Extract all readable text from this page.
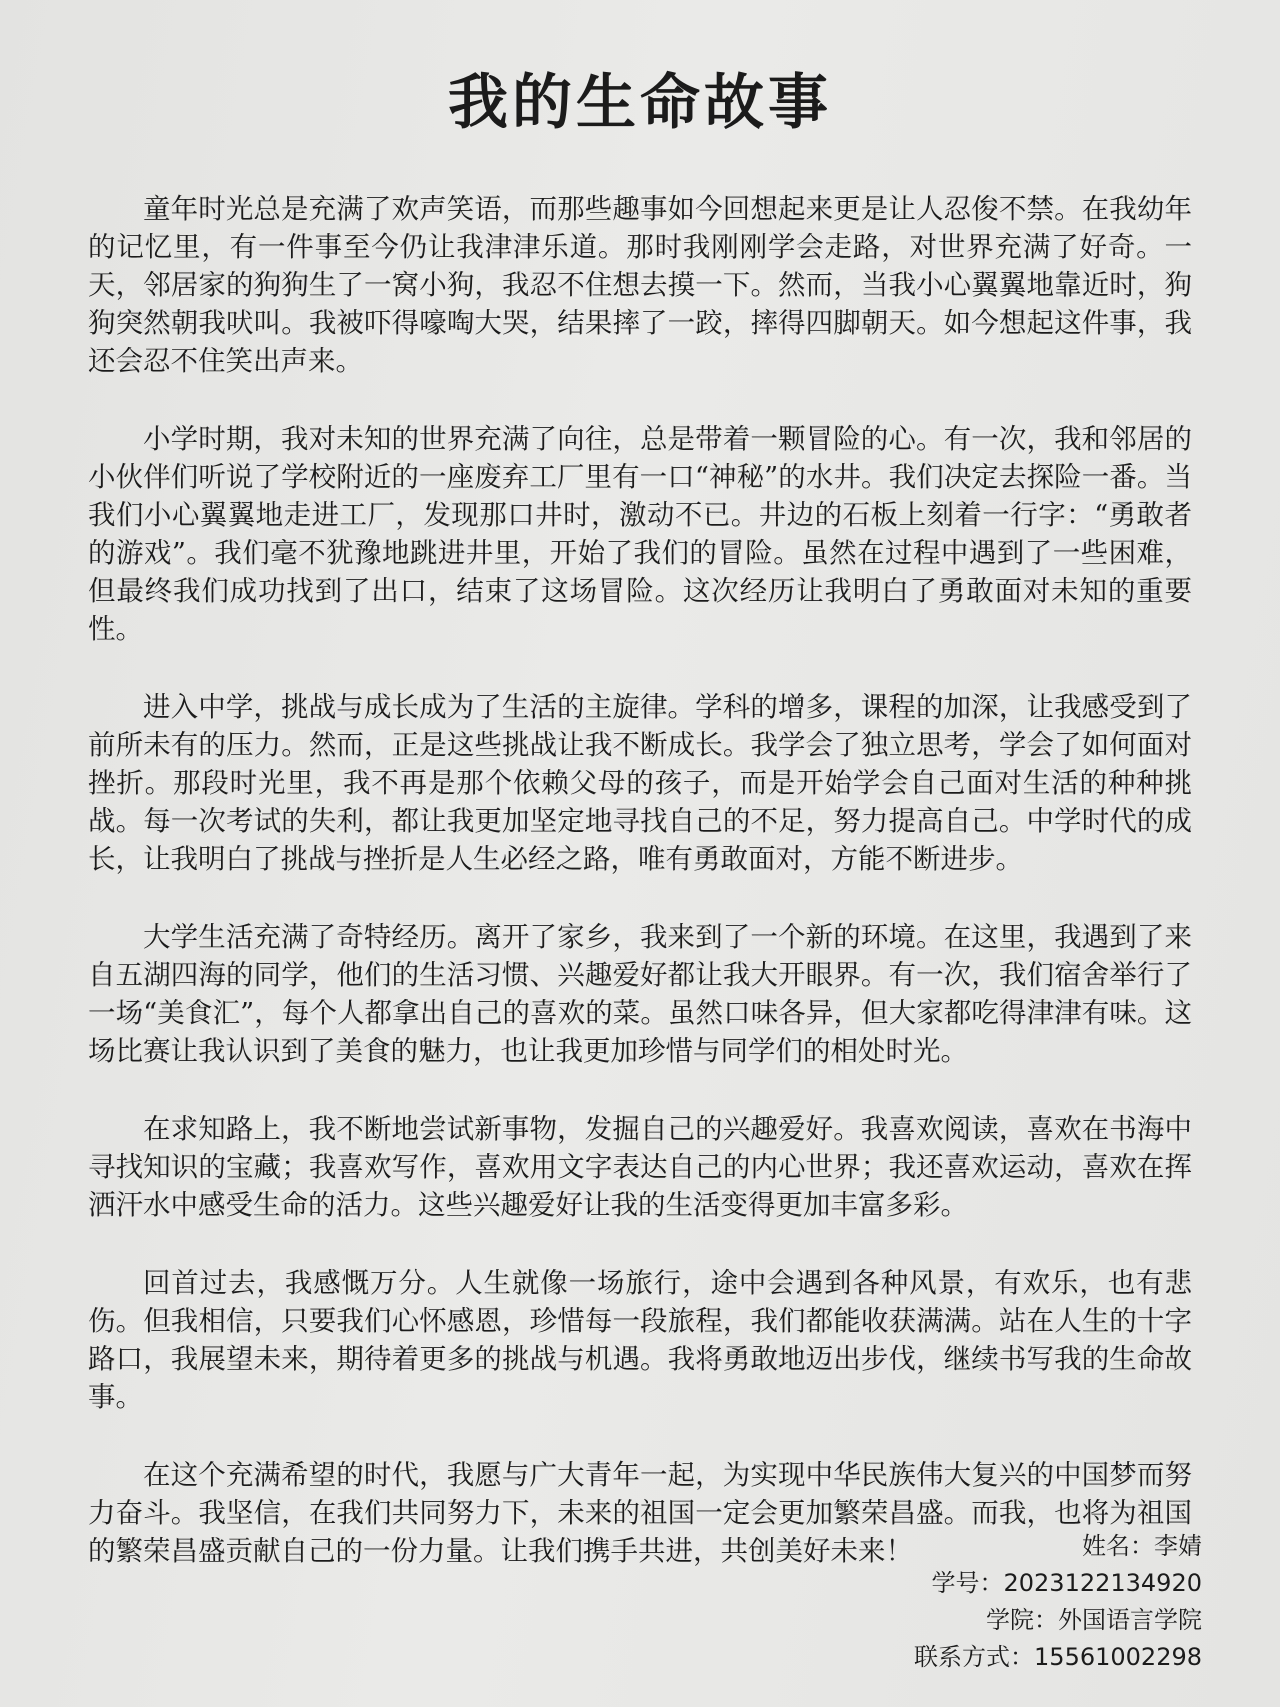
我的生命故事

童年时光总是充满了欢声笑语，而那些趣事如今回想起来更是让人忍俊不禁。在我幼年的记忆里，有一件事至今仍让我津津乐道。那时我刚刚学会走路，对世界充满了好奇。一天，邻居家的狗狗生了一窝小狗，我忍不住想去摸一下。然而，当我小心翼翼地靠近时，狗狗突然朝我吠叫。我被吓得嚎啕大哭，结果摔了一跤，摔得四脚朝天。如今想起这件事，我还会忍不住笑出声来。

小学时期，我对未知的世界充满了向往，总是带着一颗冒险的心。有一次，我和邻居的小伙伴们听说了学校附近的一座废弃工厂里有一口“神秘”的水井。我们决定去探险一番。当我们小心翼翼地走进工厂，发现那口井时，激动不已。井边的石板上刻着一行字：“勇敢者的游戏”。我们毫不犹豫地跳进井里，开始了我们的冒险。虽然在过程中遇到了一些困难，但最终我们成功找到了出口，结束了这场冒险。这次经历让我明白了勇敢面对未知的重要性。

进入中学，挑战与成长成为了生活的主旋律。学科的增多，课程的加深，让我感受到了前所未有的压力。然而，正是这些挑战让我不断成长。我学会了独立思考，学会了如何面对挫折。那段时光里，我不再是那个依赖父母的孩子，而是开始学会自己面对生活的种种挑战。每一次考试的失利，都让我更加坚定地寻找自己的不足，努力提高自己。中学时代的成长，让我明白了挑战与挫折是人生必经之路，唯有勇敢面对，方能不断进步。

大学生活充满了奇特经历。离开了家乡，我来到了一个新的环境。在这里，我遇到了来自五湖四海的同学，他们的生活习惯、兴趣爱好都让我大开眼界。有一次，我们宿舍举行了一场“美食汇”，每个人都拿出自己的喜欢的菜。虽然口味各异，但大家都吃得津津有味。这场比赛让我认识到了美食的魅力，也让我更加珍惜与同学们的相处时光。

在求知路上，我不断地尝试新事物，发掘自己的兴趣爱好。我喜欢阅读，喜欢在书海中寻找知识的宝藏；我喜欢写作，喜欢用文字表达自己的内心世界；我还喜欢运动，喜欢在挥洒汗水中感受生命的活力。这些兴趣爱好让我的生活变得更加丰富多彩。

回首过去，我感慨万分。人生就像一场旅行，途中会遇到各种风景，有欢乐，也有悲伤。但我相信，只要我们心怀感恩，珍惜每一段旅程，我们都能收获满满。站在人生的十字路口，我展望未来，期待着更多的挑战与机遇。我将勇敢地迈出步伐，继续书写我的生命故事。

在这个充满希望的时代，我愿与广大青年一起，为实现中华民族伟大复兴的中国梦而努力奋斗。我坚信，在我们共同努力下，未来的祖国一定会更加繁荣昌盛。而我，也将为祖国的繁荣昌盛贡献自己的一份力量。让我们携手共进，共创美好未来！	姓名：李婧
学号：2023122134920
学院：外国语言学院
联系方式：15561002298
